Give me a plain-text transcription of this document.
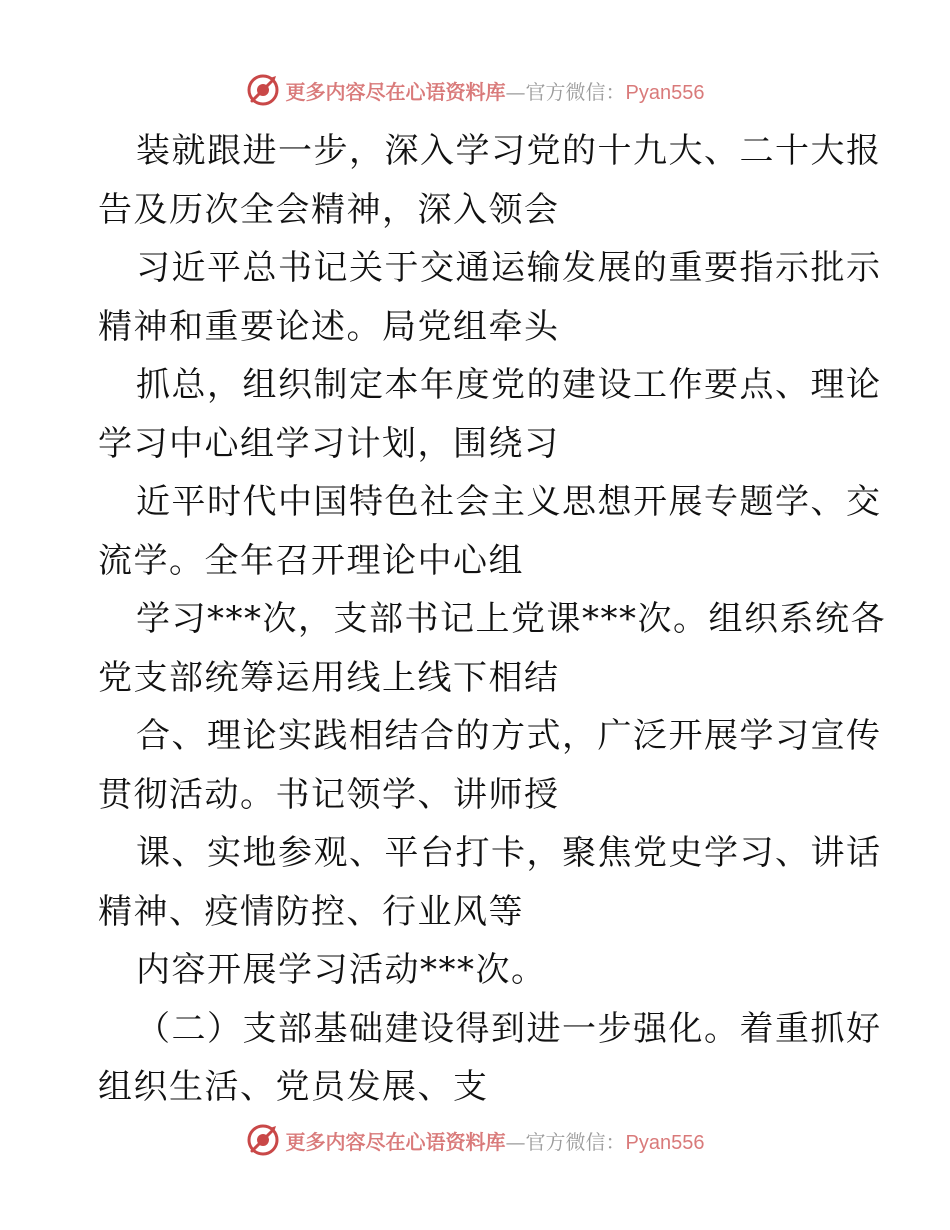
更多内容尽在心语资料库 —官方微信： Pyan556
装就跟进一步，深入学习党的十九大、二十大报
告及历次全会精神，深入领会
习近平总书记关于交通运输发展的重要指示批示
精神和重要论述。局党组牵头
抓总，组织制定本年度党的建设工作要点、理论
学习中心组学习计划，围绕习
近平时代中国特色社会主义思想开展专题学、交
流学。全年召开理论中心组
学习***次，支部书记上党课***次。组织系统各
党支部统筹运用线上线下相结
合、理论实践相结合的方式，广泛开展学习宣传
贯彻活动。书记领学、讲师授
课、实地参观、平台打卡，聚焦党史学习、讲话
精神、疫情防控、行业风等
内容开展学习活动***次。
（二）支部基础建设得到进一步强化。着重抓好
组织生活、党员发展、支
更多内容尽在心语资料库 —官方微信： Pyan556
